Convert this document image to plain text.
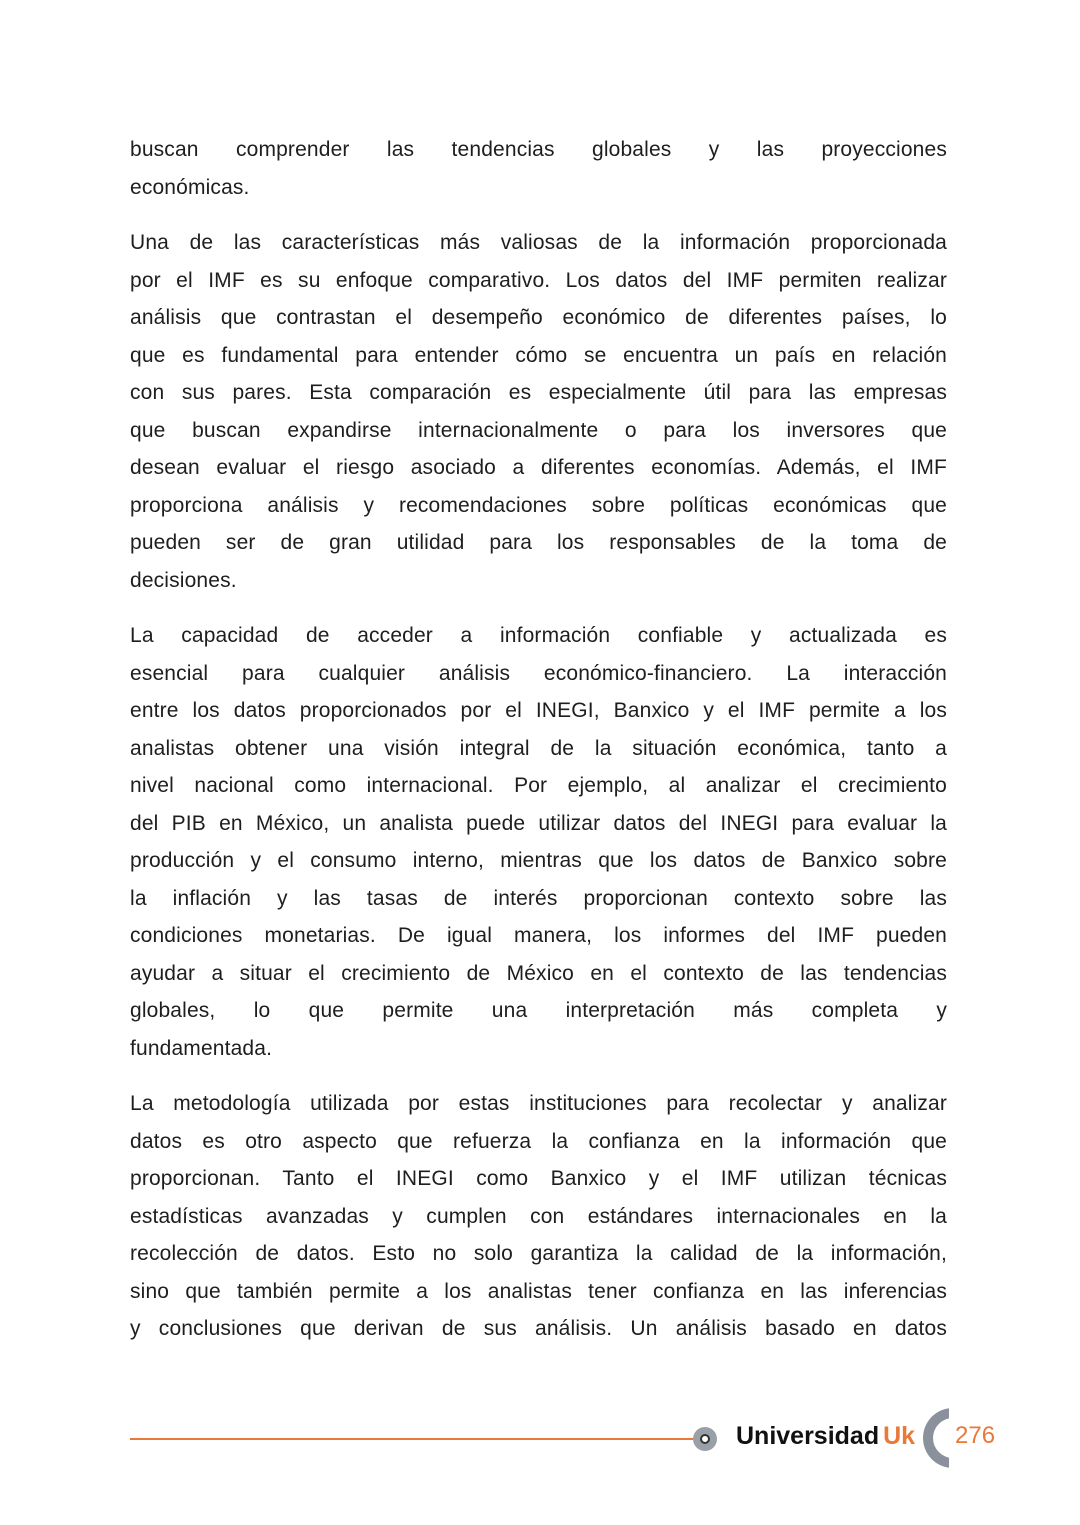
buscan comprender las tendencias globales y las proyecciones
económicas.
Una de las características más valiosas de la información proporcionada
por el IMF es su enfoque comparativo. Los datos del IMF permiten realizar
análisis que contrastan el desempeño económico de diferentes países, lo
que es fundamental para entender cómo se encuentra un país en relación
con sus pares. Esta comparación es especialmente útil para las empresas
que buscan expandirse internacionalmente o para los inversores que
desean evaluar el riesgo asociado a diferentes economías. Además, el IMF
proporciona análisis y recomendaciones sobre políticas económicas que
pueden ser de gran utilidad para los responsables de la toma de
decisiones.
La capacidad de acceder a información confiable y actualizada es
esencial para cualquier análisis económico-financiero. La interacción
entre los datos proporcionados por el INEGI, Banxico y el IMF permite a los
analistas obtener una visión integral de la situación económica, tanto a
nivel nacional como internacional. Por ejemplo, al analizar el crecimiento
del PIB en México, un analista puede utilizar datos del INEGI para evaluar la
producción y el consumo interno, mientras que los datos de Banxico sobre
la inflación y las tasas de interés proporcionan contexto sobre las
condiciones monetarias. De igual manera, los informes del IMF pueden
ayudar a situar el crecimiento de México en el contexto de las tendencias
globales, lo que permite una interpretación más completa y
fundamentada.
La metodología utilizada por estas instituciones para recolectar y analizar
datos es otro aspecto que refuerza la confianza en la información que
proporcionan. Tanto el INEGI como Banxico y el IMF utilizan técnicas
estadísticas avanzadas y cumplen con estándares internacionales en la
recolección de datos. Esto no solo garantiza la calidad de la información,
sino que también permite a los analistas tener confianza en las inferencias
y conclusiones que derivan de sus análisis. Un análisis basado en datos
Universidad Uk 276
